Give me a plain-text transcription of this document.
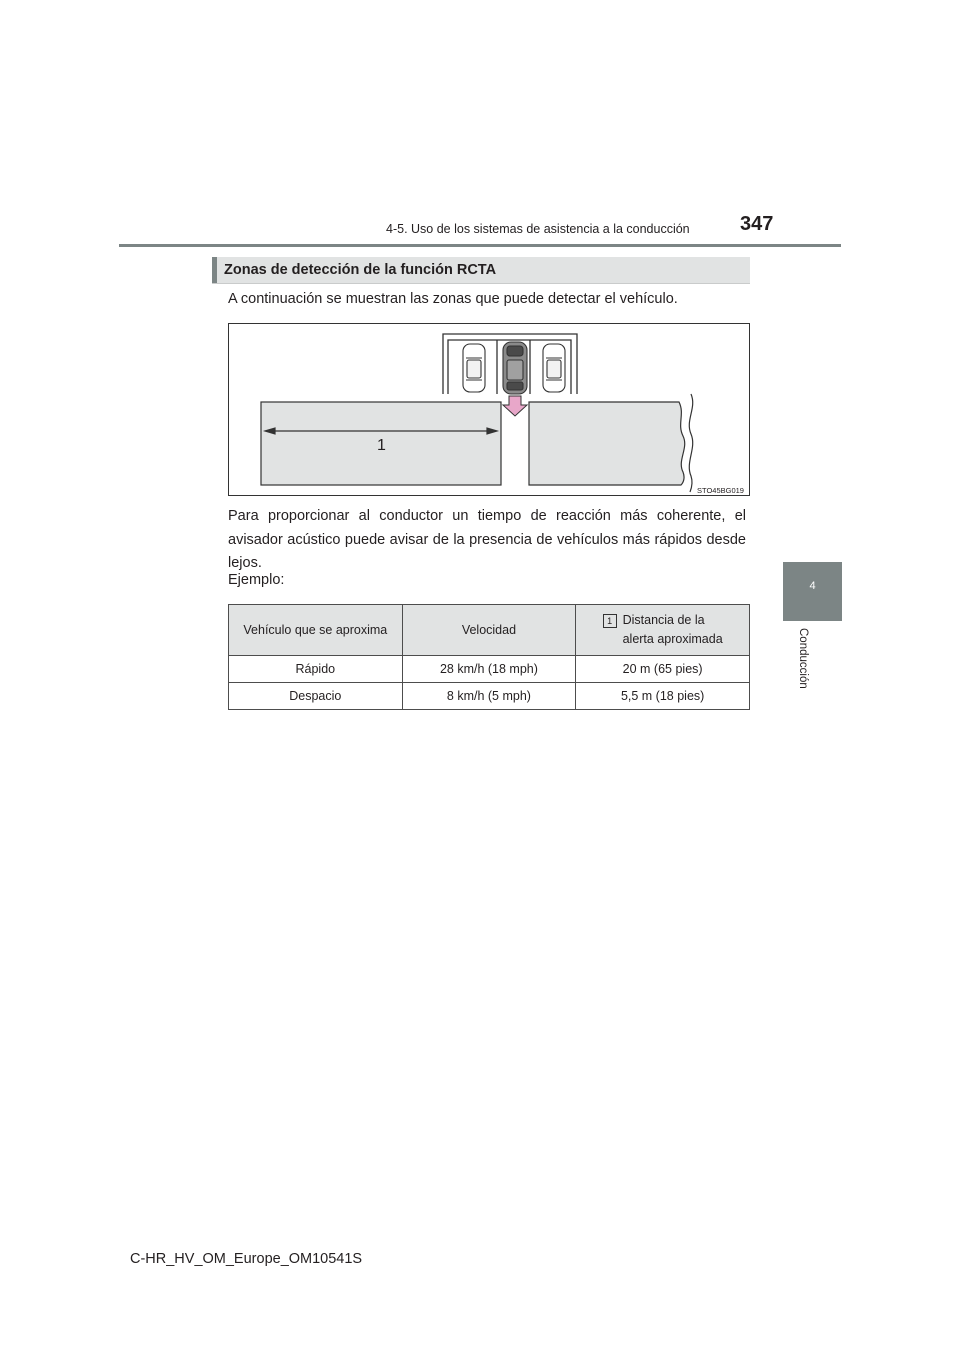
4-5. Uso de los sistemas de asistencia a la conducción	347
4
Conducción
Zonas de detección de la función RCTA
A continuación se muestran las zonas que puede detectar el vehículo.
1
STO45BG019
Para proporcionar al conductor un tiempo de reacción más coherente, el avisador acústico puede avisar de la presencia de vehículos más rápidos desde lejos.
Ejemplo:
Vehículo que se aproxima	Velocidad	1 Distancia de la
alerta aproximada

Rápido	28 km/h (18 mph)	20 m (65 pies)
Despacio	8 km/h (5 mph)	5,5 m (18 pies)
C-HR_HV_OM_Europe_OM10541S
